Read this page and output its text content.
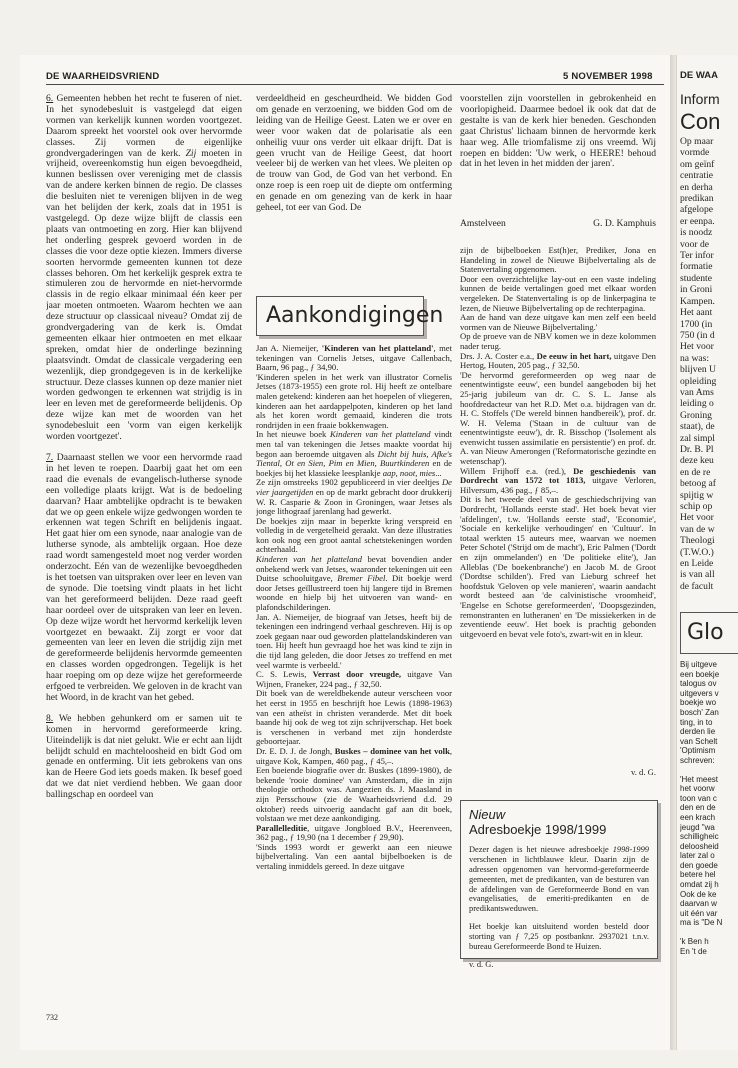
DE WAARHEIDSVRIEND	5 NOVEMBER 1998

6. Gemeenten hebben het recht te fuseren of niet. In het synodebesluit is vastgelegd dat eigen vormen van kerkelijk kunnen worden voortgezet. Daarom spreekt het voorstel ook over hervormde classes. Zij vormen de eigenlijke grondvergaderingen van de kerk. Zij moeten in vrijheid, overeenkomstig hun eigen bevoegdheid, kunnen beslissen over vereniging met de classis van de andere kerken binnen de regio. De classes die besluiten niet te verenigen blijven in de weg van het belijden der kerk, zoals dat in 1951 is vastgelegd. Op deze wijze blijft de classis een plaats van ontmoeting en zorg. Hier kan blijvend het onderling gesprek gevoerd worden in de classes die voor deze optie kiezen. Immers diverse soorten hervormde gemeenten kunnen tot deze classes behoren. Om het kerkelijk gesprek extra te stimuleren zou de hervormde en niet-hervormde classis in de regio elkaar minimaal één keer per jaar moeten ontmoeten. Waarom hechten we aan deze structuur op classicaal niveau? Omdat zij de grondvergadering van de kerk is. Omdat gemeenten elkaar hier ontmoeten en met elkaar spreken, omdat hier de onderlinge bezinning plaatsvindt. Omdat de classicale vergadering een wezenlijk, diep grondgegeven is in de kerkelijke structuur. Deze classes kunnen op deze manier niet worden gedwongen te erkennen wat strijdig is in leer en leven met de gereformeerde belijdenis. Op deze wijze kan met de woorden van het synodebesluit een 'vorm van eigen kerkelijk worden voortgezet'.

7. Daarnaast stellen we voor een hervormde raad in het leven te roepen. Daarbij gaat het om een raad die evenals de evangelisch-lutherse synode een volledige plaats krijgt. Wat is de bedoeling daarvan? Haar ambtelijke opdracht is te bewaken dat we op geen enkele wijze gedwongen worden te erkennen wat tegen Schrift en belijdenis ingaat. Het gaat hier om een synode, naar analogie van de lutherse synode, als ambtelijk orgaan. Hoe deze raad wordt samengesteld moet nog verder worden onderzocht. Eén van de wezenlijke bevoegdheden is het toetsen van uitspraken over leer en leven van de synode. Die toetsing vindt plaats in het licht van het gereformeerd belijden. Deze raad geeft haar oordeel over de uitspraken van leer en leven. Op deze wijze wordt het hervormd kerkelijk leven voortgezet en bewaakt. Zij zorgt er voor dat gemeenten van leer en leven die strijdig zijn met de gereformeerde belijdenis hervormde gemeenten en classes worden opgedrongen. Tegelijk is het haar roeping om op deze wijze het gereformeerde erfgoed te verbreiden. We geloven in de kracht van het Woord, in de kracht van het gebed.

8. We hebben gehunkerd om er samen uit te komen in hervormd gereformeerde kring. Uiteindelijk is dat niet gelukt. Wie er echt aan lijdt belijdt schuld en machteloosheid en bidt God om genade en ontferming. Uit iets gebrokens van ons kan de Heere God iets goeds maken. Ik besef goed dat we dat niet verdiend hebben. We gaan door ballingschap en oordeel van

verdeeldheid en gescheurdheid. We bidden God om genade en verzoening, we bidden God om de leiding van de Heilige Geest. Laten we er over en weer voor waken dat de polarisatie als een onheilig vuur ons verder uit elkaar drijft. Dat is geen vrucht van de Heilige Geest, dat hoort veeleer bij de werken van het vlees. We pleiten op de trouw van God, de God van het verbond. En onze roep is een roep uit de diepte om ontferming en genade en om genezing van de kerk in haar geheel, tot eer van God. De
Aankondigingen

Jan A. Niemeijer, 'Kinderen van het platteland', met tekeningen van Cornelis Jetses, uitgave Callenbach, Baarn, 96 pag., ƒ 34,90.

'Kinderen spelen in het werk van illustrator Cornelis Jetses (1873-1955) een grote rol. Hij heeft ze ontelbare malen getekend: kinderen aan het hoepelen of vliegeren, kinderen aan het aardappelpoten, kinderen op het land als het koren wordt gemaaid, kinderen die trots rondrijden in een fraaie bokkenwagen.

In het nieuwe boek Kinderen van het platteland vindt men tal van tekeningen die Jetses maakte voordat hij begon aan beroemde uitgaven als Dicht bij huis, Afke's Tiental, Ot en Sien, Pim en Mien, Buurtkinderen en de boekjes bij het klassieke leesplankje aap, noot, mies...

Ze zijn omstreeks 1902 gepubliceerd in vier deeltjes De vier jaargetijden en op de markt gebracht door drukkerij W. R. Casparie & Zoon in Groningen, waar Jetses als jonge lithograaf jarenlang had gewerkt.

De boekjes zijn maar in beperkte kring verspreid en volledig in de vergetelheid geraakt. Van deze illustraties kon ook nog een groot aantal schetstekeningen worden achterhaald.

Kinderen van het platteland bevat bovendien ander onbekend werk van Jetses, waaronder tekeningen uit een Duitse schooluitgave, Bremer Fibel. Dit boekje werd door Jetses geïllustreerd toen hij langere tijd in Bremen woonde en hielp bij het uitvoeren van wand- en plafondschilderingen.

Jan. A. Niemeijer, de biograaf van Jetses, heeft bij de tekeningen een indringend verhaal geschreven. Hij is op zoek gegaan naar oud geworden plattelandskinderen van toen. Hij heeft hun gevraagd hoe het was kind te zijn in die tijd lang geleden, die door Jetses zo treffend en met veel warmte is verbeeld.'

C. S. Lewis, Verrast door vreugde, uitgave Van Wijnen, Franeker, 224 pag., ƒ 32,50.

Dit boek van de wereldbekende auteur verscheen voor het eerst in 1955 en beschrijft hoe Lewis (1898-1963) van een atheïst in christen veranderde. Met dit boek baande hij ook de weg tot zijn schrijverschap. Het boek is verschenen in verband met zijn honderdste geboortejaar.

Dr. E. D. J. de Jongh, Buskes – dominee van het volk, uitgave Kok, Kampen, 460 pag., ƒ 45,–.

Een boeiende biografie over dr. Buskes (1899-1980), de bekende 'rooie dominee' van Amsterdam, die in zijn theologie orthodox was. Aangezien ds. J. Maasland in zijn Persschouw (zie de Waarheidsvriend d.d. 29 oktober) reeds uitvoerig aandacht gaf aan dit boek, volstaan we met deze aankondiging.

Parallelleditie, uitgave Jongbloed B.V., Heerenveen, 362 pag., ƒ 19,90 (na 1 december ƒ 29,90).

'Sinds 1993 wordt er gewerkt aan een nieuwe bijbelvertaling. Van een aantal bijbelboeken is de vertaling inmiddels gereed. In deze uitgave

voorstellen zijn voorstellen in gebrokenheid en voorlopigheid. Daarmee bedoel ik ook dat dat de gestalte is van de kerk hier beneden. Geschonden gaat Christus' lichaam binnen de hervormde kerk haar weg. Alle triomfalisme zij ons vreemd. Wij roepen en bidden: 'Uw werk, o HEERE! behoud dat in het leven in het midden der jaren'.
Amstelveen	G. D. Kamphuis

zijn de bijbelboeken Est(h)er, Prediker, Jona en Handeling in zowel de Nieuwe Bijbelvertaling als de Statenvertaling opgenomen.

Door een overzichtelijke lay-out en een vaste indeling kunnen de beide vertalingen goed met elkaar worden vergeleken. De Statenvertaling is op de linkerpagina te lezen, de Nieuwe Bijbelvertaling op de rechterpagina.

Aan de hand van deze uitgave kan men zelf een beeld vormen van de Nieuwe Bijbelvertaling.'

Op de proeve van de NBV komen we in deze kolommen nader terug.

Drs. J. A. Coster e.a., De eeuw in het hart, uitgave Den Hertog, Houten, 205 pag., ƒ 32,50.

'De hervormd gereformeerden op weg naar de eenentwintigste eeuw', een bundel aangeboden bij het 25-jarig jubileum van dr. C. S. L. Janse als hoofdredacteur van het R.D. Met o.a. bijdragen van dr. H. C. Stoffels ('De wereld binnen handbereik'), prof. dr. W. H. Velema ('Staan in de cultuur van de eenentwintigste eeuw'), dr. R. Bisschop ('Isolement als evenwicht tussen assimilatie en persistentie') en prof. dr. A. van Nieuw Amerongen ('Reformatorische gezindte en wetenschap').

Willem Frijhoff e.a. (red.), De geschiedenis van Dordrecht van 1572 tot 1813, uitgave Verloren, Hilversum, 436 pag., ƒ 85,–.

Dit is het tweede deel van de geschiedschrijving van Dordrecht, 'Hollands eerste stad'. Het boek bevat vier 'afdelingen', t.w. 'Hollands eerste stad', 'Economie', 'Sociale en kerkelijke verhoudingen' en 'Cultuur'. In totaal werkten 15 auteurs mee, waarvan we noemen Peter Schotel ('Strijd om de macht'), Eric Palmen ('Dordt en zijn ommelanden') en 'De politieke elite'), Jan Alleblas ('De boekenbranche') en Jacob M. de Groot ('Dordtse schilden'). Fred van Lieburg schreef het hoofdstuk 'Geloven op vele manieren', waarin aandacht wordt besteed aan 'de calvinistische vroomheid', 'Engelse en Schotse gereformeerden', 'Doopsgezinden, remonstranten en lutheranen' en 'De missiekerken in de zeventiende eeuw'. Het boek is prachtig gebonden uitgevoerd en bevat vele foto's, zwart-wit en in kleur.

v. d. G.
Nieuw
Adresboekje 1998/1999

Dezer dagen is het nieuwe adresboekje 1998-1999 verschenen in lichtblauwe kleur. Daarin zijn de adressen opgenomen van hervormd-gereformeerde gemeenten, met de predikanten, van de besturen van de afdelingen van de Gereformeerde Bond en van evangelisaties, de emeriti-predikanten en de predikantsweduwen.

Het boekje kan uitsluitend worden besteld door storting van ƒ 7,25 op postbanknr. 2937021 t.n.v. bureau Gereformeerde Bond te Huizen.

v. d. G.
732
DE WAA
Inform
Con
Op maar
vormde
om geïnf
centratie
en derha
predikan
afgelope
er eenpa.
is noodz
voor de
Ter infor
formatie
studente
in Groni
Kampen.
Het aant
1700 (in
750 (in d
Het voor
na was:
blijven U
opleiding
van Ams
leiding o
Groning
staat), de
zal simpl
Dr. B. Pl
deze keu
en de re
betoog af
spijtig w
schip op
Het voor
van de w
Theologi
(T.W.O.)
en Leide
is van all
de facult
Glo
Bij uitgeve
een boekje
talogus ov
uitgevers v
boekje wo
bosch' Zan
ting, in to
derden lie
van Schelt
'Optimism
schreven:
'Het meest
het voorw
toon van c
den en de
een krach
jeugd "wa
schilligheic
deloosheid
later zal o
den goede
betere hel
omdat zij h
Ook de ke
daarvan w
uit één var
ma is "De N
'k Ben h
En 't de
